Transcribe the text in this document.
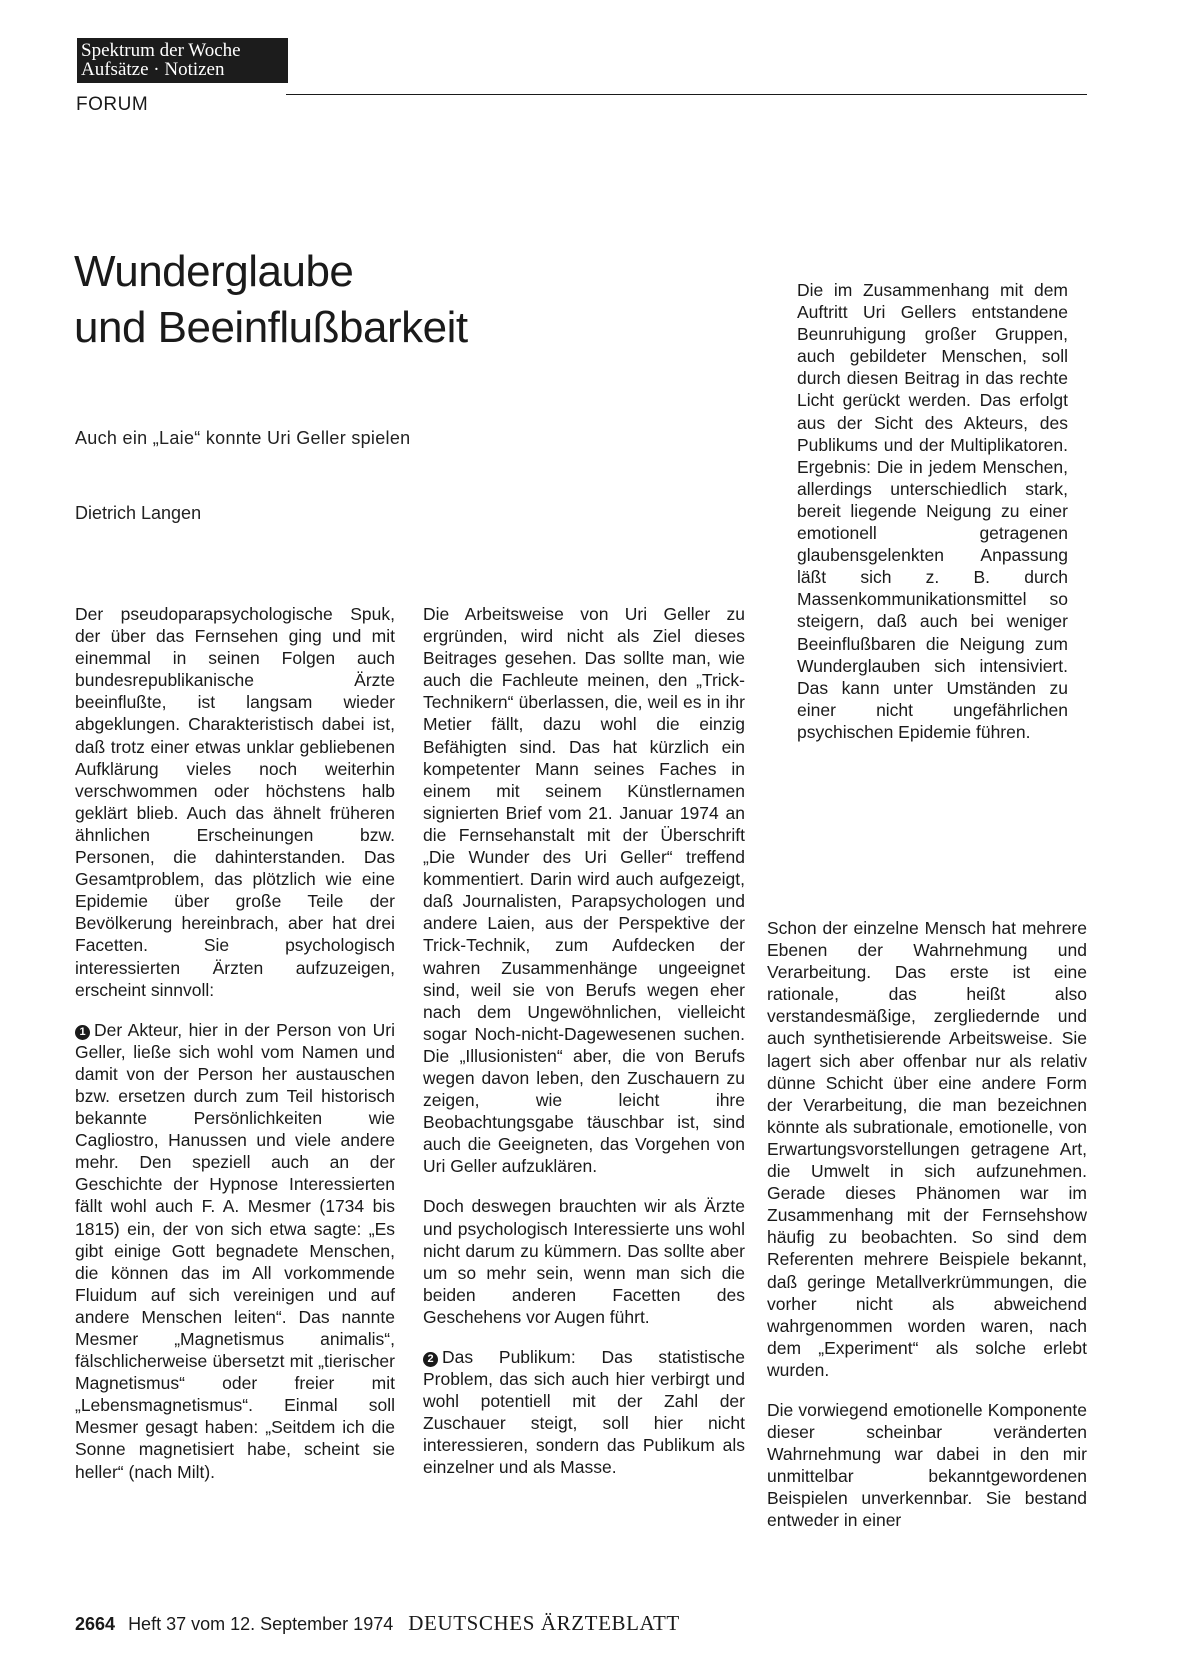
Spektrum der Woche
Aufsätze · Notizen
FORUM
Wunderglaube
und Beeinflußbarkeit
Auch ein „Laie“ konnte Uri Geller spielen
Dietrich Langen

Die im Zusammenhang mit dem Auftritt Uri Gellers entstandene Beunruhigung großer Gruppen, auch gebildeter Menschen, soll durch diesen Beitrag in das rechte Licht gerückt werden. Das erfolgt aus der Sicht des Akteurs, des Publikums und der Multiplikatoren. Ergebnis: Die in jedem Menschen, allerdings unterschiedlich stark, bereit liegende Neigung zu einer emotionell getragenen glaubensgelenkten Anpassung läßt sich z. B. durch Massenkommunikationsmittel so steigern, daß auch bei weniger Beeinflußbaren die Neigung zum Wunderglauben sich intensiviert. Das kann unter Umständen zu einer nicht ungefährlichen psychischen Epidemie führen.

Der pseudoparapsychologische Spuk, der über das Fernsehen ging und mit einemmal in seinen Folgen auch bundesrepublikanische Ärzte beeinflußte, ist langsam wieder abgeklungen. Charakteristisch dabei ist, daß trotz einer etwas unklar gebliebenen Aufklärung vieles noch weiterhin verschwommen oder höchstens halb geklärt blieb. Auch das ähnelt früheren ähnlichen Erscheinungen bzw. Personen, die dahinterstanden. Das Gesamtproblem, das plötzlich wie eine Epidemie über große Teile der Bevölkerung hereinbrach, aber hat drei Facetten. Sie psychologisch interessierten Ärzten aufzuzeigen, erscheint sinnvoll:

1 Der Akteur, hier in der Person von Uri Geller, ließe sich wohl vom Namen und damit von der Person her austauschen bzw. ersetzen durch zum Teil historisch bekannte Persönlichkeiten wie Cagliostro, Hanussen und viele andere mehr. Den speziell auch an der Geschichte der Hypnose Interessierten fällt wohl auch F. A. Mesmer (1734 bis 1815) ein, der von sich etwa sagte: „Es gibt einige Gott begnadete Menschen, die können das im All vorkommende Fluidum auf sich vereinigen und auf andere Menschen leiten“. Das nannte Mesmer „Magnetismus animalis“, fälschlicherweise übersetzt mit „tierischer Magnetismus“ oder freier mit „Lebensmagnetismus“. Einmal soll Mesmer gesagt haben: „Seitdem ich die Sonne magnetisiert habe, scheint sie heller“ (nach Milt).

Die Arbeitsweise von Uri Geller zu ergründen, wird nicht als Ziel dieses Beitrages gesehen. Das sollte man, wie auch die Fachleute meinen, den „Trick-Technikern“ überlassen, die, weil es in ihr Metier fällt, dazu wohl die einzig Befähigten sind. Das hat kürzlich ein kompetenter Mann seines Faches in einem mit seinem Künstlernamen signierten Brief vom 21. Januar 1974 an die Fernsehanstalt mit der Überschrift „Die Wunder des Uri Geller“ treffend kommentiert. Darin wird auch aufgezeigt, daß Journalisten, Parapsychologen und andere Laien, aus der Perspektive der Trick-Technik, zum Aufdecken der wahren Zusammenhänge ungeeignet sind, weil sie von Berufs wegen eher nach dem Ungewöhnlichen, vielleicht sogar Noch-nicht-Dagewesenen suchen. Die „Illusionisten“ aber, die von Berufs wegen davon leben, den Zuschauern zu zeigen, wie leicht ihre Beobachtungsgabe täuschbar ist, sind auch die Geeigneten, das Vorgehen von Uri Geller aufzuklären.

Doch deswegen brauchten wir als Ärzte und psychologisch Interessierte uns wohl nicht darum zu kümmern. Das sollte aber um so mehr sein, wenn man sich die beiden anderen Facetten des Geschehens vor Augen führt.

2 Das Publikum: Das statistische Problem, das sich auch hier verbirgt und wohl potentiell mit der Zahl der Zuschauer steigt, soll hier nicht interessieren, sondern das Publikum als einzelner und als Masse.

Schon der einzelne Mensch hat mehrere Ebenen der Wahrnehmung und Verarbeitung. Das erste ist eine rationale, das heißt also verstandesmäßige, zergliedernde und auch synthetisierende Arbeitsweise. Sie lagert sich aber offenbar nur als relativ dünne Schicht über eine andere Form der Verarbeitung, die man bezeichnen könnte als subrationale, emotionelle, von Erwartungsvorstellungen getragene Art, die Umwelt in sich aufzunehmen. Gerade dieses Phänomen war im Zusammenhang mit der Fernsehshow häufig zu beobachten. So sind dem Referenten mehrere Beispiele bekannt, daß geringe Metallverkrümmungen, die vorher nicht als abweichend wahrgenommen worden waren, nach dem „Experiment“ als solche erlebt wurden.

Die vorwiegend emotionelle Komponente dieser scheinbar veränderten Wahrnehmung war dabei in den mir unmittelbar bekanntgewordenen Beispielen unverkennbar. Sie bestand entweder in einer

2664 Heft 37 vom 12. September 1974 DEUTSCHES ÄRZTEBLATT
